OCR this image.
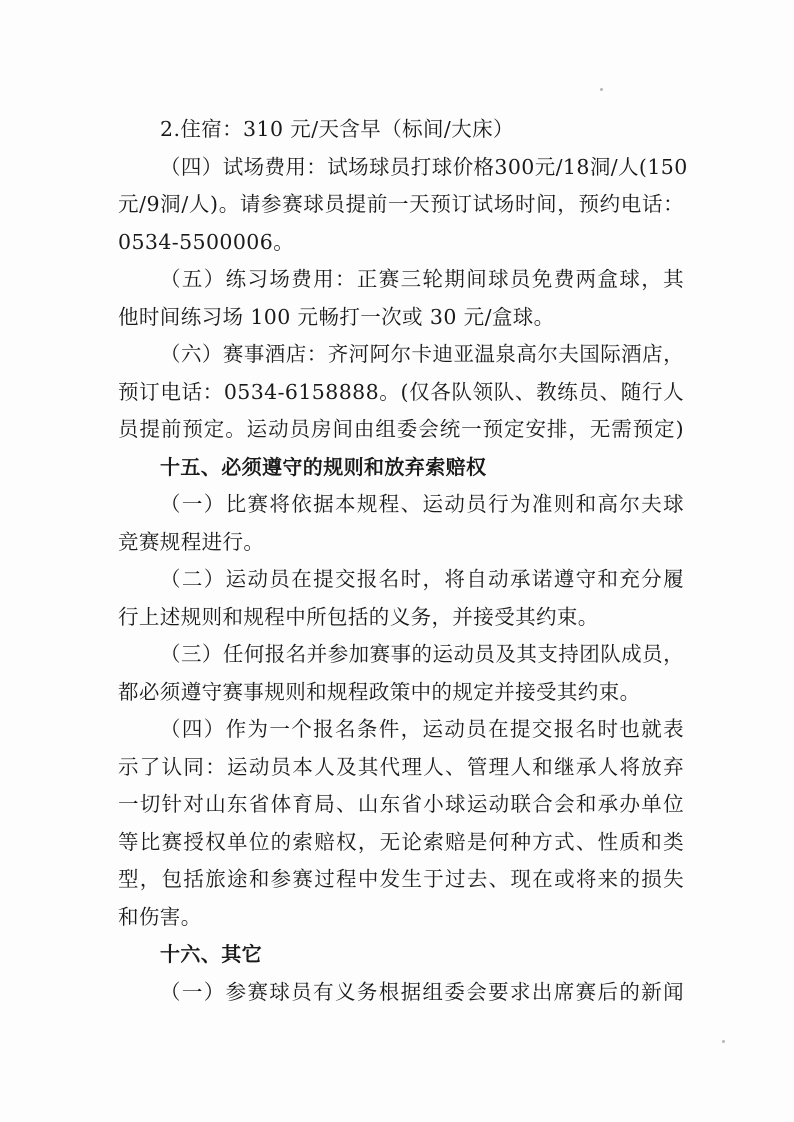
2.住宿：310 元/天含早（标间/大床）
（四）试场费用：试场球员打球价格300元/18洞/人(150
元/9洞/人)。请参赛球员提前一天预订试场时间，预约电话：
0534-5500006。
（五）练习场费用：正赛三轮期间球员免费两盒球，其
他时间练习场 100 元畅打一次或 30 元/盒球。
（六）赛事酒店：齐河阿尔卡迪亚温泉高尔夫国际酒店，
预订电话：0534-6158888。(仅各队领队、教练员、随行人
员提前预定。运动员房间由组委会统一预定安排，无需预定)
十五、必须遵守的规则和放弃索赔权
（一）比赛将依据本规程、运动员行为准则和高尔夫球
竞赛规程进行。
（二）运动员在提交报名时，将自动承诺遵守和充分履
行上述规则和规程中所包括的义务，并接受其约束。
（三）任何报名并参加赛事的运动员及其支持团队成员，
都必须遵守赛事规则和规程政策中的规定并接受其约束。
（四）作为一个报名条件，运动员在提交报名时也就表
示了认同：运动员本人及其代理人、管理人和继承人将放弃
一切针对山东省体育局、山东省小球运动联合会和承办单位
等比赛授权单位的索赔权，无论索赔是何种方式、性质和类
型，包括旅途和参赛过程中发生于过去、现在或将来的损失
和伤害。
十六、其它
（一）参赛球员有义务根据组委会要求出席赛后的新闻
